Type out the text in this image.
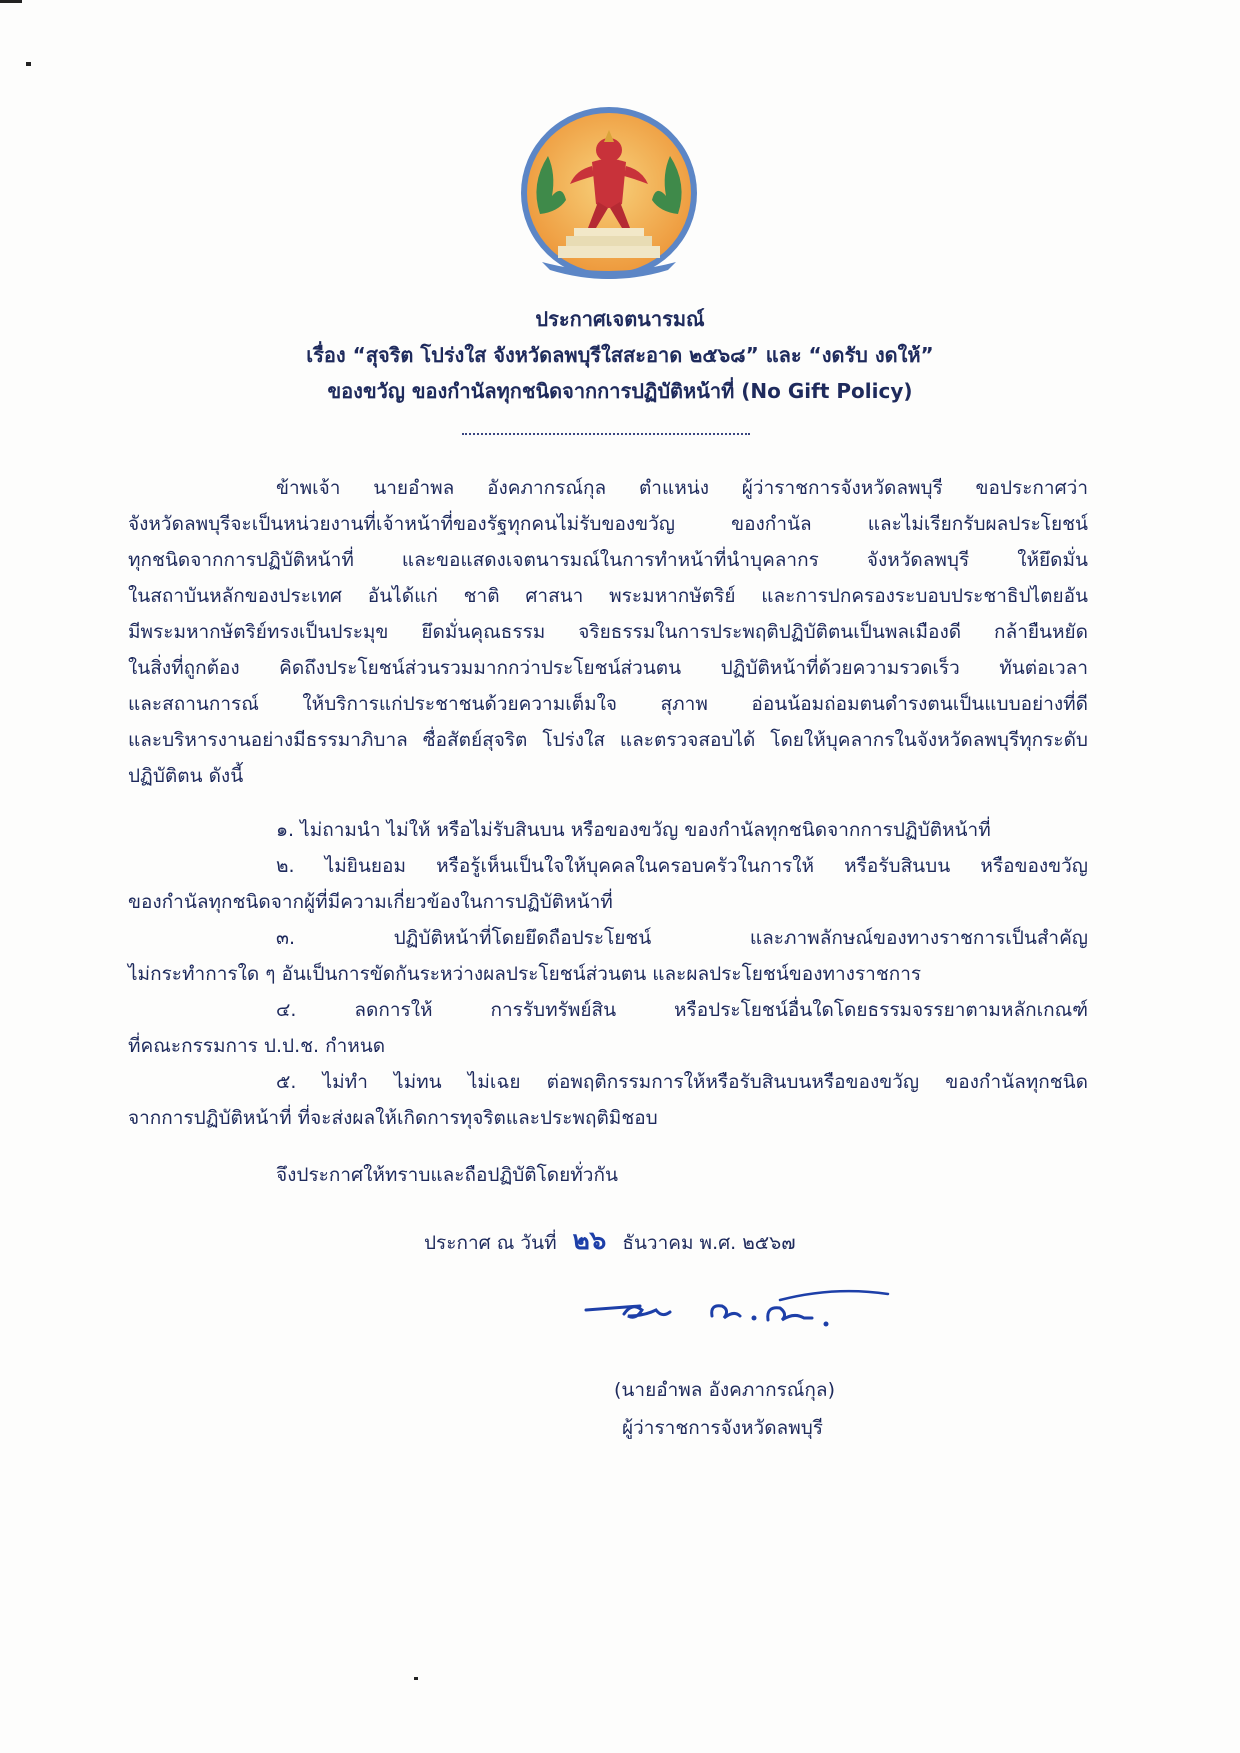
ประกาศเจตนารมณ์
เรื่อง “สุจริต โปร่งใส จังหวัดลพบุรีใสสะอาด ๒๕๖๘” และ “งดรับ งดให้”
ของขวัญ ของกำนัลทุกชนิดจากการปฏิบัติหน้าที่ (No Gift Policy)
ข้าพเจ้า นายอำพล อังคภากรณ์กุล ตำแหน่ง ผู้ว่าราชการจังหวัดลพบุรี ขอประกาศว่า
จังหวัดลพบุรีจะเป็นหน่วยงานที่เจ้าหน้าที่ของรัฐทุกคนไม่รับของขวัญ ของกำนัล และไม่เรียกรับผลประโยชน์
ทุกชนิดจากการปฏิบัติหน้าที่ และขอแสดงเจตนารมณ์ในการทำหน้าที่นำบุคลากร จังหวัดลพบุรี ให้ยึดมั่น
ในสถาบันหลักของประเทศ อันได้แก่ ชาติ ศาสนา พระมหากษัตริย์ และการปกครองระบอบประชาธิปไตยอัน
มีพระมหากษัตริย์ทรงเป็นประมุข ยึดมั่นคุณธรรม จริยธรรมในการประพฤติปฏิบัติตนเป็นพลเมืองดี กล้ายืนหยัด
ในสิ่งที่ถูกต้อง คิดถึงประโยชน์ส่วนรวมมากกว่าประโยชน์ส่วนตน ปฏิบัติหน้าที่ด้วยความรวดเร็ว ทันต่อเวลา
และสถานการณ์ ให้บริการแก่ประชาชนด้วยความเต็มใจ สุภาพ อ่อนน้อมถ่อมตนดำรงตนเป็นแบบอย่างที่ดี
และบริหารงานอย่างมีธรรมาภิบาล ซื่อสัตย์สุจริต โปร่งใส และตรวจสอบได้ โดยให้บุคลากรในจังหวัดลพบุรีทุกระดับ
ปฏิบัติตน ดังนี้
๑. ไม่ถามนำ ไม่ให้ หรือไม่รับสินบน หรือของขวัญ ของกำนัลทุกชนิดจากการปฏิบัติหน้าที่
๒. ไม่ยินยอม หรือรู้เห็นเป็นใจให้บุคคลในครอบครัวในการให้ หรือรับสินบน หรือของขวัญ
ของกำนัลทุกชนิดจากผู้ที่มีความเกี่ยวข้องในการปฏิบัติหน้าที่
๓. ปฏิบัติหน้าที่โดยยึดถือประโยชน์ และภาพลักษณ์ของทางราชการเป็นสำคัญ
ไม่กระทำการใด ๆ อันเป็นการขัดกันระหว่างผลประโยชน์ส่วนตน และผลประโยชน์ของทางราชการ
๔. ลดการให้ การรับทรัพย์สิน หรือประโยชน์อื่นใดโดยธรรมจรรยาตามหลักเกณฑ์
ที่คณะกรรมการ ป.ป.ช. กำหนด
๕. ไม่ทำ ไม่ทน ไม่เฉย ต่อพฤติกรรมการให้หรือรับสินบนหรือของขวัญ ของกำนัลทุกชนิด
จากการปฏิบัติหน้าที่ ที่จะส่งผลให้เกิดการทุจริตและประพฤติมิชอบ
จึงประกาศให้ทราบและถือปฏิบัติโดยทั่วกัน
ประกาศ ณ วันที่ ๒๖ ธันวาคม พ.ศ. ๒๕๖๗
(นายอำพล อังคภากรณ์กุล)
ผู้ว่าราชการจังหวัดลพบุรี
